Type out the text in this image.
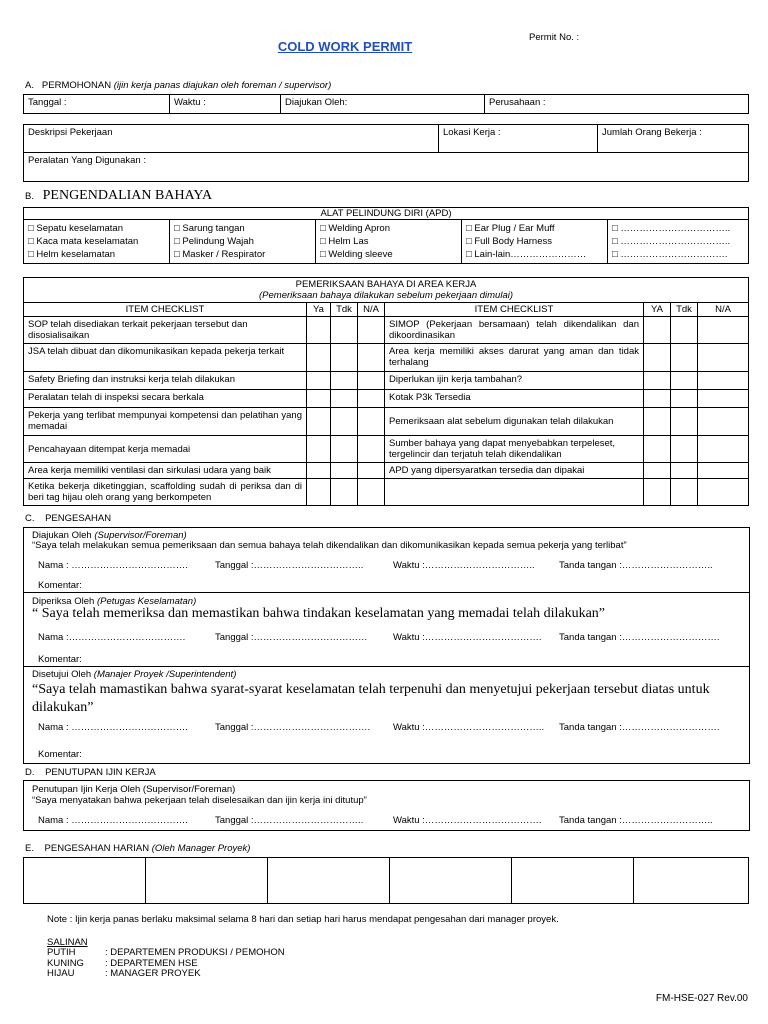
COLD WORK PERMIT
Permit No. :
A. PERMOHONAN (ijin kerja panas diajukan oleh foreman / supervisor)
Tanggal :	Waktu :	Diajukan Oleh:	Perusahaan :
Deskripsi Pekerjaan	Lokasi Kerja :	Jumlah Orang Bekerja :
Peralatan Yang Digunakan :
B. PENGENDALIAN BAHAYA
ALAT PELINDUNG DIRI (APD)

□ Sepatu keselamatan
□ Kaca mata keselamatan
□ Helm keselamatan

□ Sarung tangan
□ Pelindung Wajah
□ Masker / Respirator

□ Welding Apron
□ Helm Las
□ Welding sleeve

□ Ear Plug / Ear Muff
□ Full Body Harness
□ Lain-lain……………………

□ ……………………………..
□ ……………………………..
□ …………………………….
PEMERIKSAAN BAHAYA DI AREA KERJA
(Pemeriksaan bahaya dilakukan sebelum pekerjaan dimulai)							

ITEM CHECKLIST	Ya	Tdk	N/A	ITEM CHECKLIST	YA	Tdk	N/A
SOP telah disediakan terkait pekerjaan tersebut dan disosialisaikan				SIMOP (Pekerjaan bersamaan) telah dikendalikan dan dikoordinasikan			
JSA telah dibuat dan dikomunikasikan kepada pekerja terkait				Area kerja memiliki akses darurat yang aman dan tidak terhalang			
Safety Briefing dan instruksi kerja telah dilakukan				Diperlukan ijin kerja tambahan?			
Peralatan telah di inspeksi secara berkala				Kotak P3k Tersedia			
Pekerja yang terlibat mempunyai kompetensi dan pelatihan yang memadai				Pemeriksaan alat sebelum digunakan telah dilakukan			
Pencahayaan ditempat kerja memadai				Sumber bahaya yang dapat menyebabkan terpeleset, tergelincir dan terjatuh telah dikendalikan			
Area kerja memiliki ventilasi dan sirkulasi udara yang baik				APD yang dipersyaratkan tersedia dan dipakai			
Ketika bekerja diketinggian, scaffolding sudah di periksa dan di beri tag hijau oleh orang yang berkompeten							
C. PENGESAHAN
Diajukan Oleh (Supervisor/Foreman)
“Saya telah melakukan semua pemeriksaan dan semua bahaya telah dikendalikan dan dikomunikasikan kepada semua pekerja yang terlibat”
Nama : ……………………………….	Tanggal :……………………………..	Waktu :……………………………..	Tanda tangan :………………………..
Komentar:
Diperiksa Oleh (Petugas Keselamatan)
“ Saya telah memeriksa dan memastikan bahwa tindakan keselamatan yang memadai telah dilakukan”
Nama :……………………………….	Tanggal :………………………………	Waktu :………………………………. Tanda tangan :………………………….
Komentar:
Disetujui Oleh (Manajer Proyek /Superintendent)
“Saya telah mamastikan bahwa syarat-syarat keselamatan telah terpenuhi dan menyetujui pekerjaan tersebut diatas untuk dilakukan”
Nama : ……………………………….	Tanggal :………………………………. Waktu :……………………………….. Tanda tangan :………………………….
Komentar:
D. PENUTUPAN IJIN KERJA
Penutupan Ijin Kerja Oleh (Supervisor/Foreman)
“Saya menyatakan bahwa pekerjaan telah diselesaikan dan ijin kerja ini ditutup”
Nama : ……………………………….	Tanggal :……………………………..	Waktu :………………………………. Tanda tangan :………………………..
E. PENGESAHAN HARIAN (Oleh Manager Proyek)

Note : Ijin kerja panas berlaku maksimal selama 8 hari dan setiap hari harus mendapat pengesahan dari manager proyek.
SALINAN
PUTIH	: DEPARTEMEN PRODUKSI / PEMOHON
KUNING : DEPARTEMEN HSE
HIJAU	: MANAGER PROYEK
FM-HSE-027 Rev.00
